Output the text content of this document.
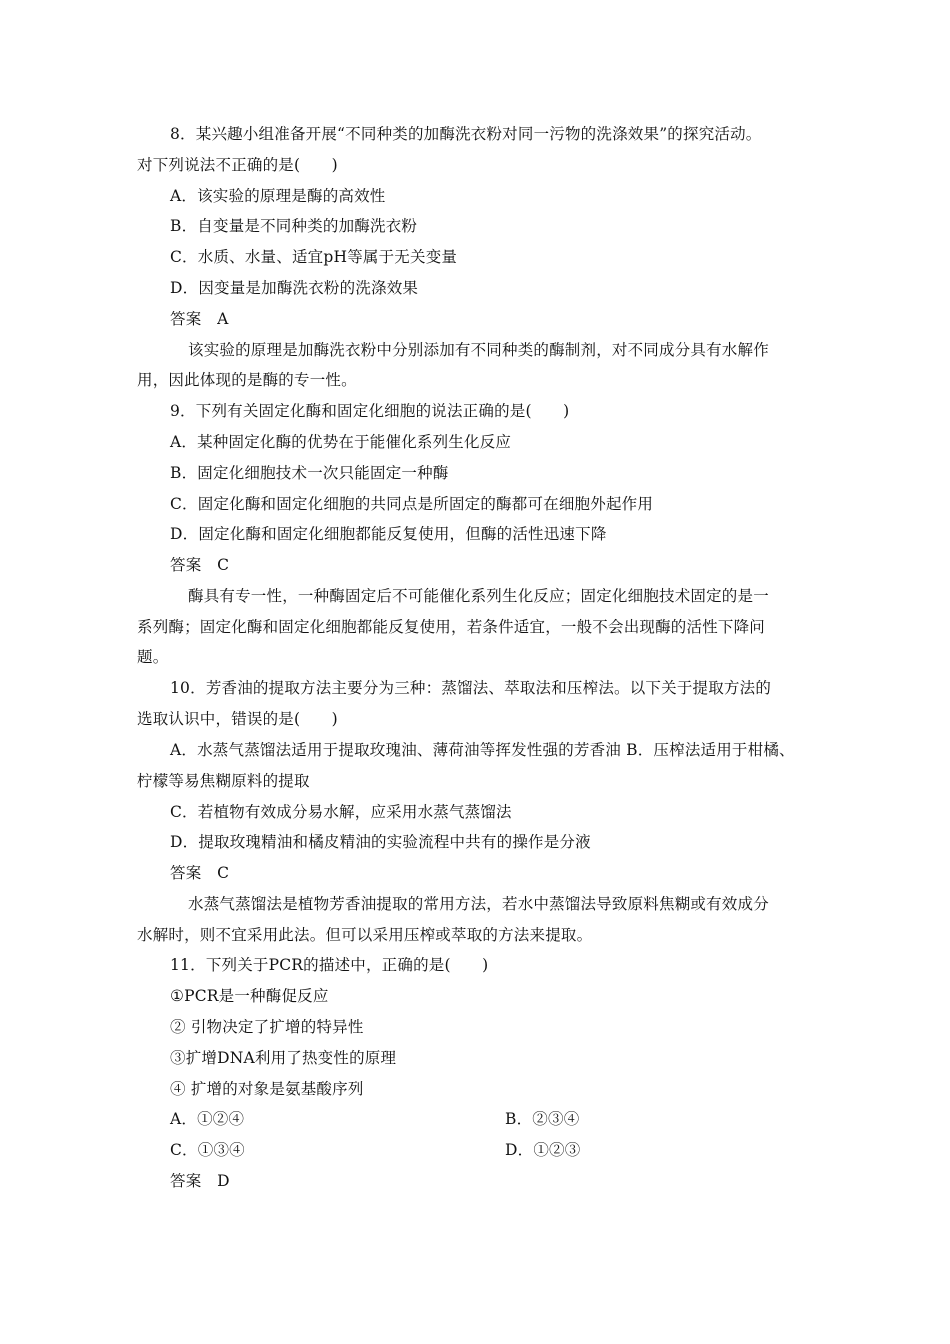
8．某兴趣小组准备开展“不同种类的加酶洗衣粉对同一污物的洗涤效果”的探究活动。
对下列说法不正确的是(　　)
A．该实验的原理是酶的高效性
B．自变量是不同种类的加酶洗衣粉
C．水质、水量、适宜pH等属于无关变量
D．因变量是加酶洗衣粉的洗涤效果
答案　A
该实验的原理是加酶洗衣粉中分别添加有不同种类的酶制剂，对不同成分具有水解作
用，因此体现的是酶的专一性。
9．下列有关固定化酶和固定化细胞的说法正确的是(　　)
A．某种固定化酶的优势在于能催化系列生化反应
B．固定化细胞技术一次只能固定一种酶
C．固定化酶和固定化细胞的共同点是所固定的酶都可在细胞外起作用
D．固定化酶和固定化细胞都能反复使用，但酶的活性迅速下降
答案　C
酶具有专一性，一种酶固定后不可能催化系列生化反应；固定化细胞技术固定的是一
系列酶；固定化酶和固定化细胞都能反复使用，若条件适宜，一般不会出现酶的活性下降问
题。
10．芳香油的提取方法主要分为三种：蒸馏法、萃取法和压榨法。以下关于提取方法的
选取认识中，错误的是(　　)
A．水蒸气蒸馏法适用于提取玫瑰油、薄荷油等挥发性强的芳香油 B．压榨法适用于柑橘、
柠檬等易焦糊原料的提取
C．若植物有效成分易水解，应采用水蒸气蒸馏法
D．提取玫瑰精油和橘皮精油的实验流程中共有的操作是分液
答案　C
水蒸气蒸馏法是植物芳香油提取的常用方法，若水中蒸馏法导致原料焦糊或有效成分
水解时，则不宜采用此法。但可以采用压榨或萃取的方法来提取。
11．下列关于PCR的描述中，正确的是(　　)
①PCR是一种酶促反应
② 引物决定了扩增的特异性
③扩增DNA利用了热变性的原理
④ 扩增的对象是氨基酸序列
A．①②④	B．②③④
C．①③④	D．①②③
答案　D
